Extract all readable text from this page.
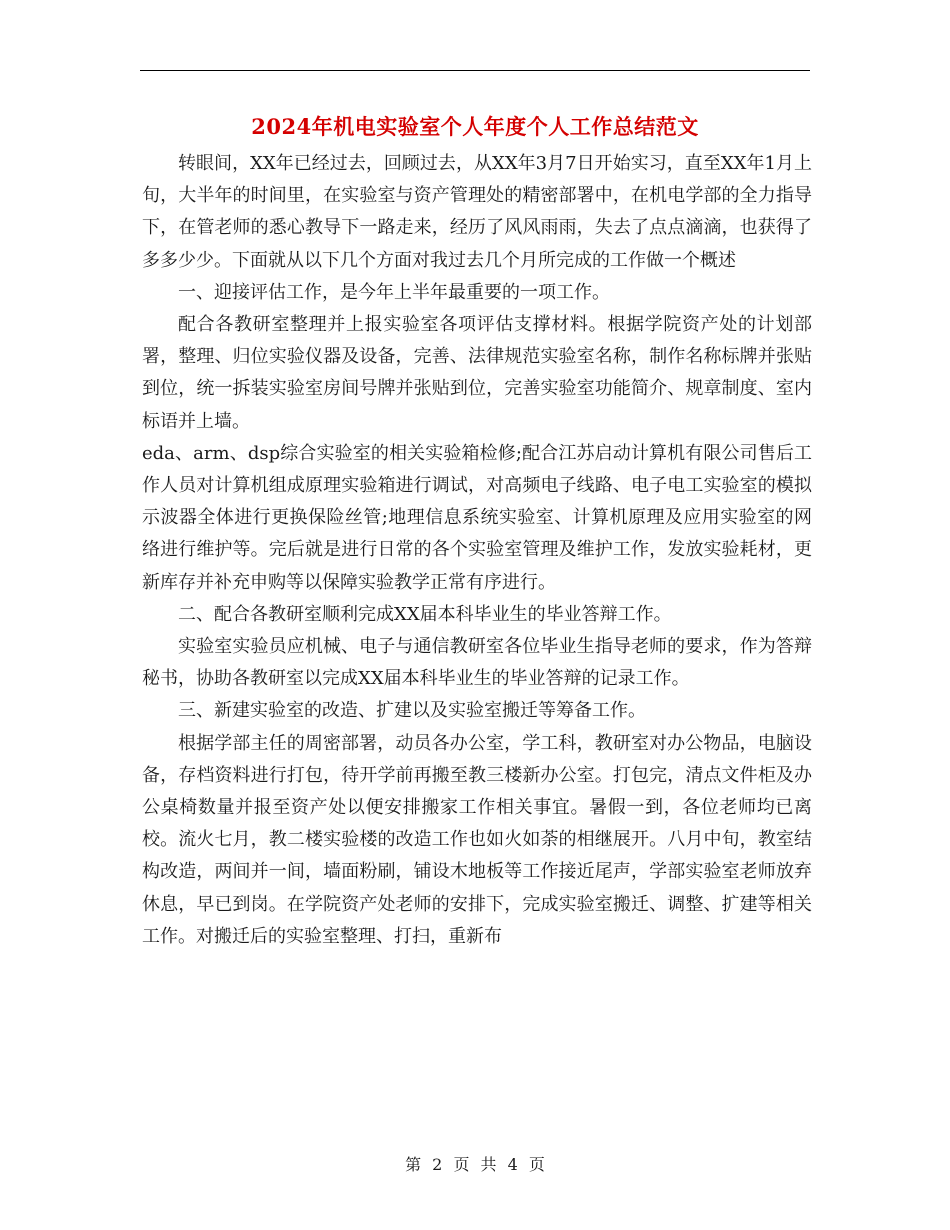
2024年机电实验室个人年度个人工作总结范文

转眼间，XX年已经过去，回顾过去，从XX年3月7日开始实习，直至XX年1月上旬，大半年的时间里，在实验室与资产管理处的精密部署中，在机电学部的全力指导下，在管老师的悉心教导下一路走来，经历了风风雨雨，失去了点点滴滴，也获得了多多少少。下面就从以下几个方面对我过去几个月所完成的工作做一个概述

一、迎接评估工作，是今年上半年最重要的一项工作。

配合各教研室整理并上报实验室各项评估支撑材料。根据学院资产处的计划部署，整理、归位实验仪器及设备，完善、法律规范实验室名称，制作名称标牌并张贴到位，统一拆装实验室房间号牌并张贴到位，完善实验室功能简介、规章制度、室内标语并上墙。

eda、arm、dsp综合实验室的相关实验箱检修;配合江苏启动计算机有限公司售后工作人员对计算机组成原理实验箱进行调试，对高频电子线路、电子电工实验室的模拟示波器全体进行更换保险丝管;地理信息系统实验室、计算机原理及应用实验室的网络进行维护等。完后就是进行日常的各个实验室管理及维护工作，发放实验耗材，更新库存并补充申购等以保障实验教学正常有序进行。

二、配合各教研室顺利完成XX届本科毕业生的毕业答辩工作。

实验室实验员应机械、电子与通信教研室各位毕业生指导老师的要求，作为答辩秘书，协助各教研室以完成XX届本科毕业生的毕业答辩的记录工作。

三、新建实验室的改造、扩建以及实验室搬迁等筹备工作。

根据学部主任的周密部署，动员各办公室，学工科，教研室对办公物品，电脑设备，存档资料进行打包，待开学前再搬至教三楼新办公室。打包完，清点文件柜及办公桌椅数量并报至资产处以便安排搬家工作相关事宜。暑假一到，各位老师均已离校。流火七月，教二楼实验楼的改造工作也如火如荼的相继展开。八月中旬，教室结构改造，两间并一间，墙面粉刷，铺设木地板等工作接近尾声，学部实验室老师放弃休息，早已到岗。在学院资产处老师的安排下，完成实验室搬迁、调整、扩建等相关工作。对搬迁后的实验室整理、打扫，重新布

第 2 页 共 4 页
